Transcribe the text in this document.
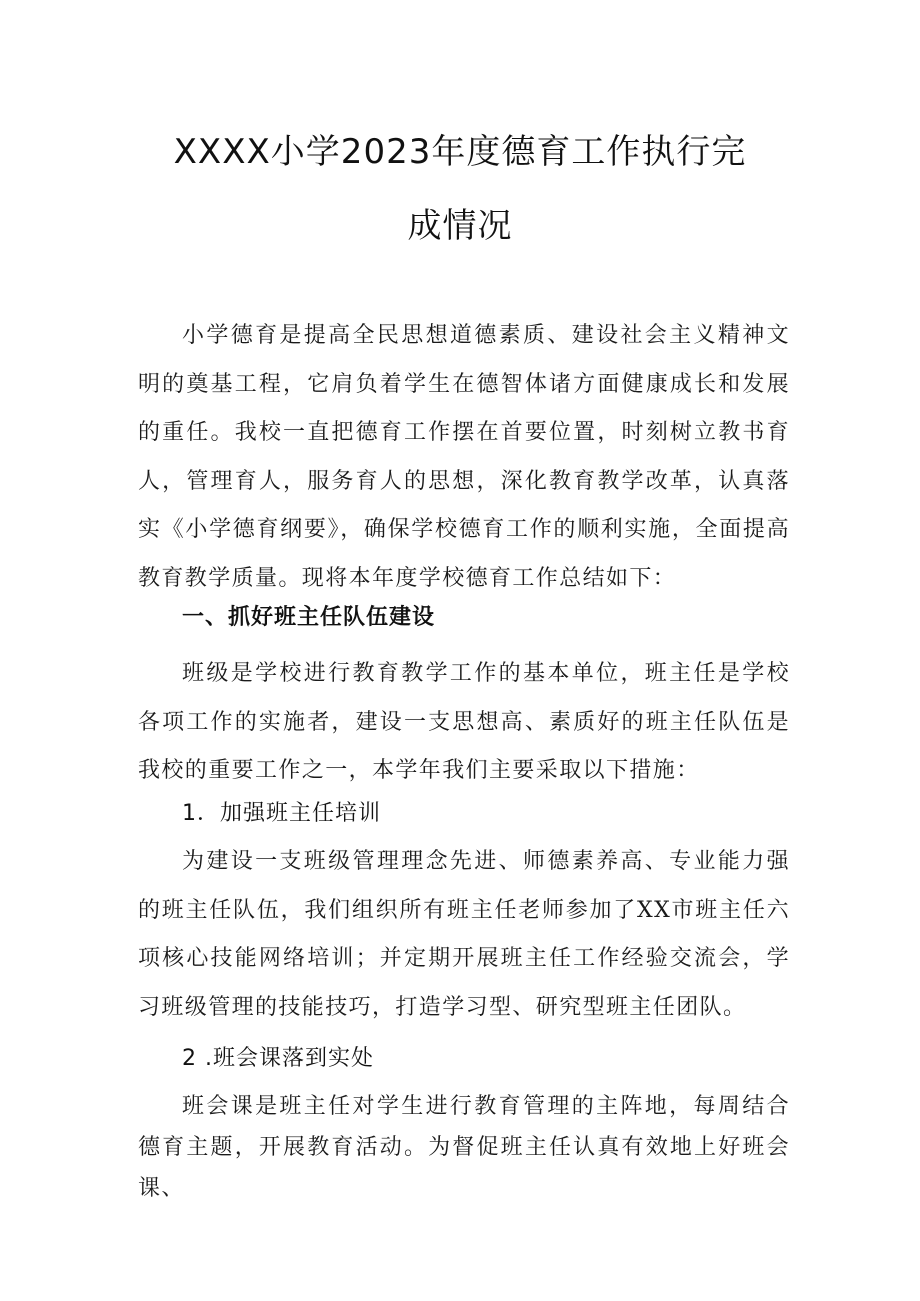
XXXX小学2023年度德育工作执行完
成情况

小学德育是提高全民思想道德素质、建设社会主义精神文明的奠基工程，它肩负着学生在德智体诸方面健康成长和发展的重任。我校一直把德育工作摆在首要位置，时刻树立教书育人，管理育人，服务育人的思想，深化教育教学改革，认真落实《小学德育纲要》，确保学校德育工作的顺利实施，全面提高教育教学质量。现将本年度学校德育工作总结如下：

一、抓好班主任队伍建设

班级是学校进行教育教学工作的基本单位，班主任是学校各项工作的实施者，建设一支思想高、素质好的班主任队伍是我校的重要工作之一，本学年我们主要采取以下措施：

1．加强班主任培训

为建设一支班级管理理念先进、师德素养高、专业能力强的班主任队伍，我们组织所有班主任老师参加了XX市班主任六项核心技能网络培训；并定期开展班主任工作经验交流会，学习班级管理的技能技巧，打造学习型、研究型班主任团队。

2 .班会课落到实处

班会课是班主任对学生进行教育管理的主阵地，每周结合德育主题，开展教育活动。为督促班主任认真有效地上好班会课、
